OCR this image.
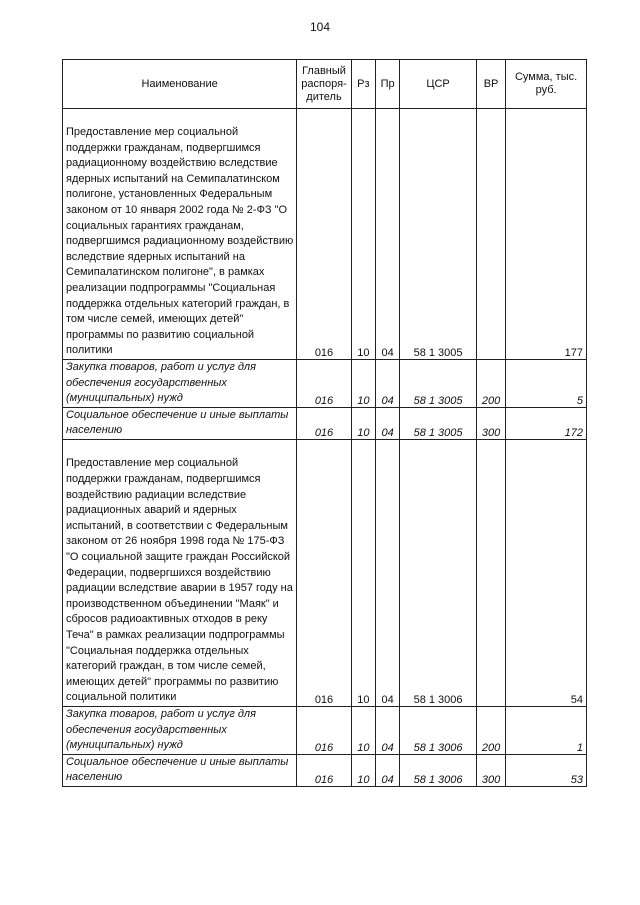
104
Наименование	Главный распоря-дитель	Рз	Пр	ЦСР	ВР	Сумма, тыс. руб.
Предоставление мер социальной поддержки гражданам, подвергшимся радиационному воздействию вследствие ядерных испытаний на Семипалатинском полигоне, установленных Федеральным законом от 10 января 2002 года № 2-ФЗ "О социальных гарантиях гражданам, подвергшимся радиационному воздействию вследствие ядерных испытаний на Семипалатинском полигоне", в рамках реализации подпрограммы "Социальная поддержка отдельных категорий граждан, в том числе семей, имеющих детей" программы по развитию социальной политики	016	10	04	58 1 3005		177
Закупка товаров, работ и услуг для обеспечения государственных (муниципальных) нужд	016	10	04	58 1 3005	200	5
Социальное обеспечение и иные выплаты населению	016	10	04	58 1 3005	300	172
Предоставление мер социальной поддержки гражданам, подвергшимся воздействию радиации вследствие радиационных аварий и ядерных испытаний, в соответствии с Федеральным законом от 26 ноября 1998 года № 175-ФЗ "О социальной защите граждан Российской Федерации, подвергшихся воздействию радиации вследствие аварии в 1957 году на производственном объединении "Маяк" и сбросов радиоактивных отходов в реку Теча" в рамках реализации подпрограммы "Социальная поддержка отдельных категорий граждан, в том числе семей, имеющих детей" программы по развитию социальной политики	016	10	04	58 1 3006		54
Закупка товаров, работ и услуг для обеспечения государственных (муниципальных) нужд	016	10	04	58 1 3006	200	1
Социальное обеспечение и иные выплаты населению	016	10	04	58 1 3006	300	53
